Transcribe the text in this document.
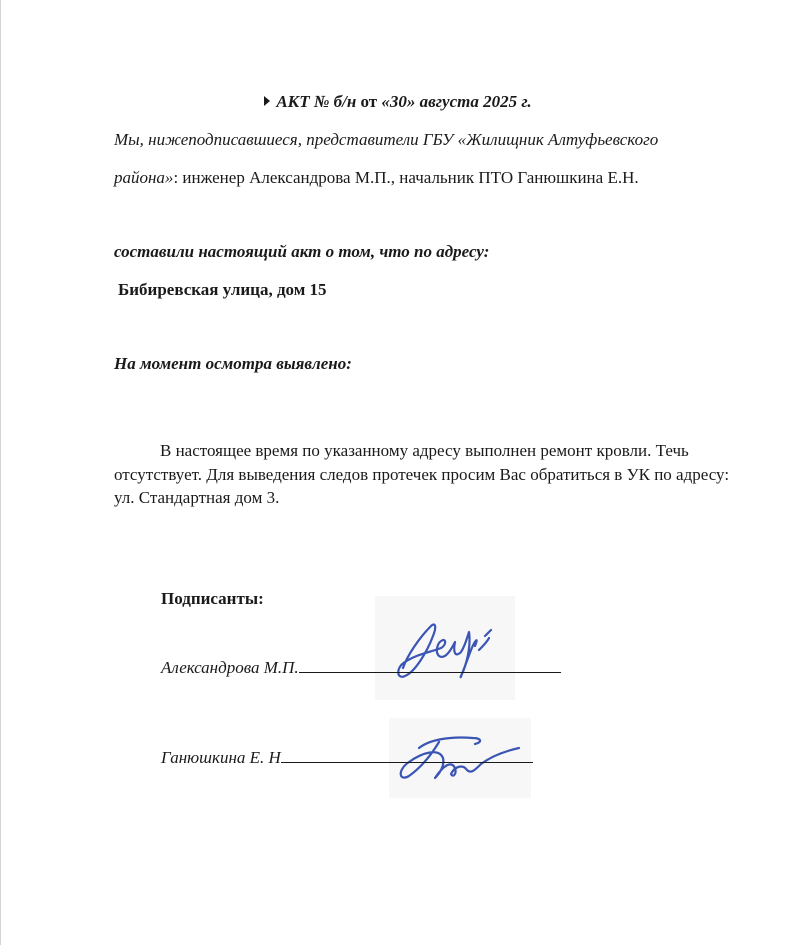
АКТ № б/н от «30» августа 2025 г.
Мы, нижеподписавшиеся, представители ГБУ «Жилищник Алтуфьевского
района»: инженер Александрова М.П., начальник ПТО Ганюшкина Е.Н.
составили настоящий акт о том, что по адресу:
Бибиревская улица, дом 15
На момент осмотра выявлено:
В настоящее время по указанному адресу выполнен ремонт кровли. Течь отсутствует. Для выведения следов протечек просим Вас обратиться в УК по адресу: ул. Стандартная дом 3.
Подписанты:
Александрова М.П.
Ганюшкина Е. Н
